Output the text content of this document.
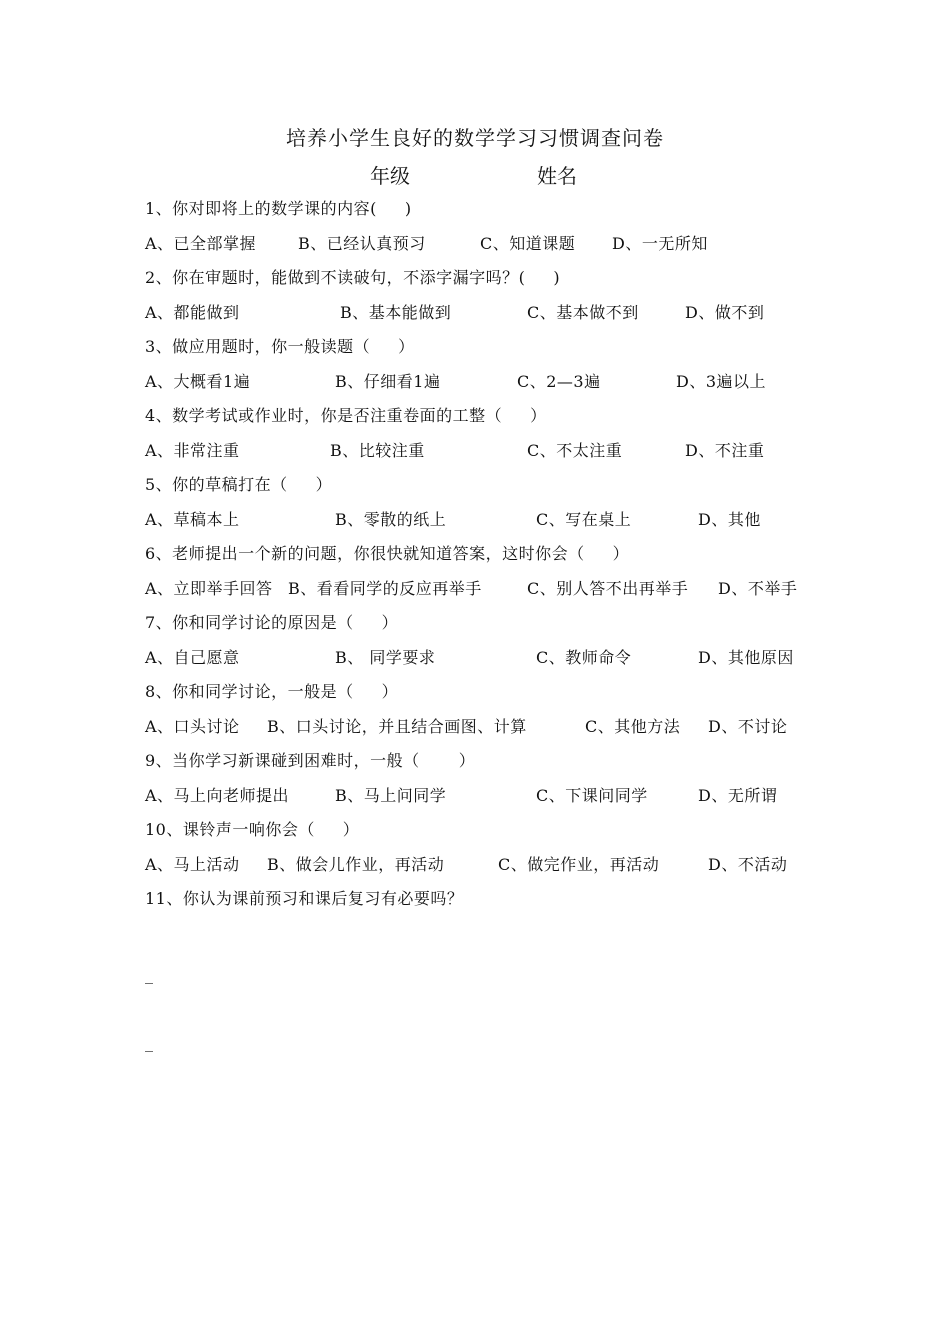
培养小学生良好的数学学习习惯调查问卷
年级	姓名
1、你对即将上的数学课的内容(     )

A、已全部掌握

	B、已经认真预习

	C、知道课题

D、一无所知

2、你在审题时，能做到不读破句，不添字漏字吗？(     )

A、都能做到

	B、基本能做到

	C、基本做不到

	D、做不到

3、做应用题时，你一般读题（     ）

A、大概看1遍

	B、仔细看1遍

	C、2—3遍

	D、3遍以上

4、数学考试或作业时，你是否注重卷面的工整（     ）

A、非常注重

	B、比较注重

	C、不太注重

	D、不注重

5、你的草稿打在（     ）

A、草稿本上

	B、零散的纸上

	C、写在桌上

	D、其他

6、老师提出一个新的问题，你很快就知道答案，这时你会（     ）

A、立即举手回答

B、看看同学的反应再举手

	C、别人答不出再举手

D、不举手

7、你和同学讨论的原因是（     ）

A、自己愿意

	B、 同学要求

	C、教师命令

	D、其他原因

8、你和同学讨论，一般是（     ）

A、口头讨论

B、口头讨论，并且结合画图、计算

	C、其他方法

D、不讨论

9、当你学习新课碰到困难时，一般（       ）

A、马上向老师提出

	B、马上问同学

	C、下课问同学

	D、无所谓

10、课铃声一响你会（     ）

A、马上活动

B、做会儿作业，再活动

	C、做完作业，再活动

	D、不活动

11、你认为课前预习和课后复习有必要吗？
_
_
